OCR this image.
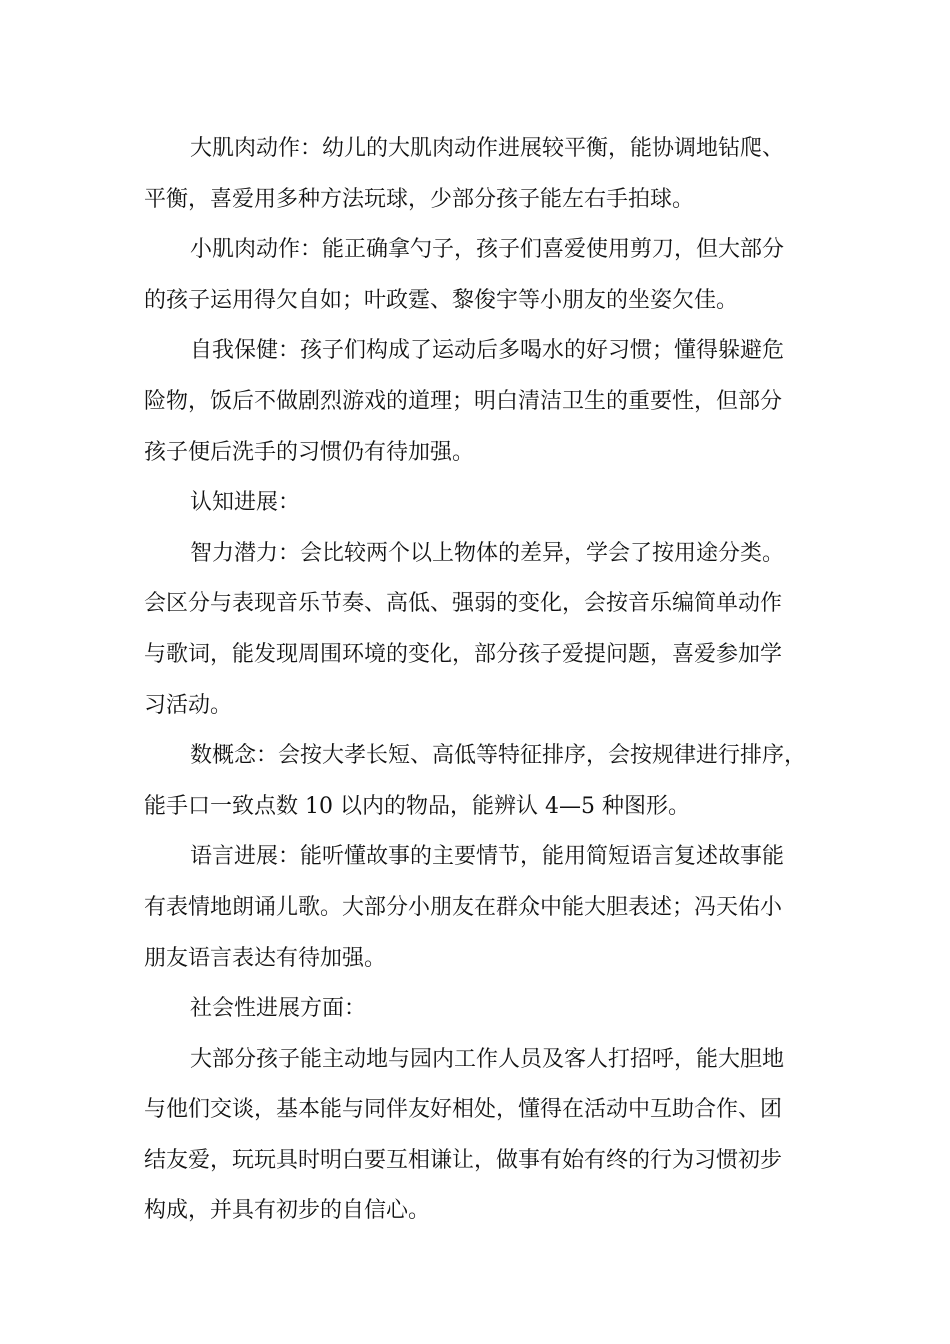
大肌肉动作：幼儿的大肌肉动作进展较平衡，能协调地钻爬、
平衡，喜爱用多种方法玩球，少部分孩子能左右手拍球。

小肌肉动作：能正确拿勺子，孩子们喜爱使用剪刀，但大部分
的孩子运用得欠自如；叶政霆、黎俊宇等小朋友的坐姿欠佳。

自我保健：孩子们构成了运动后多喝水的好习惯；懂得躲避危
险物，饭后不做剧烈游戏的道理；明白清洁卫生的重要性，但部分
孩子便后洗手的习惯仍有待加强。

认知进展：

智力潜力：会比较两个以上物体的差异，学会了按用途分类。
会区分与表现音乐节奏、高低、强弱的变化，会按音乐编简单动作
与歌词，能发现周围环境的变化，部分孩子爱提问题，喜爱参加学
习活动。

数概念：会按大孝长短、高低等特征排序，会按规律进行排序，
能手口一致点数 10 以内的物品，能辨认 4—5 种图形。

语言进展：能听懂故事的主要情节，能用简短语言复述故事能
有表情地朗诵儿歌。大部分小朋友在群众中能大胆表述；冯天佑小
朋友语言表达有待加强。

社会性进展方面：

大部分孩子能主动地与园内工作人员及客人打招呼，能大胆地
与他们交谈，基本能与同伴友好相处，懂得在活动中互助合作、团
结友爱，玩玩具时明白要互相谦让，做事有始有终的行为习惯初步
构成，并具有初步的自信心。
